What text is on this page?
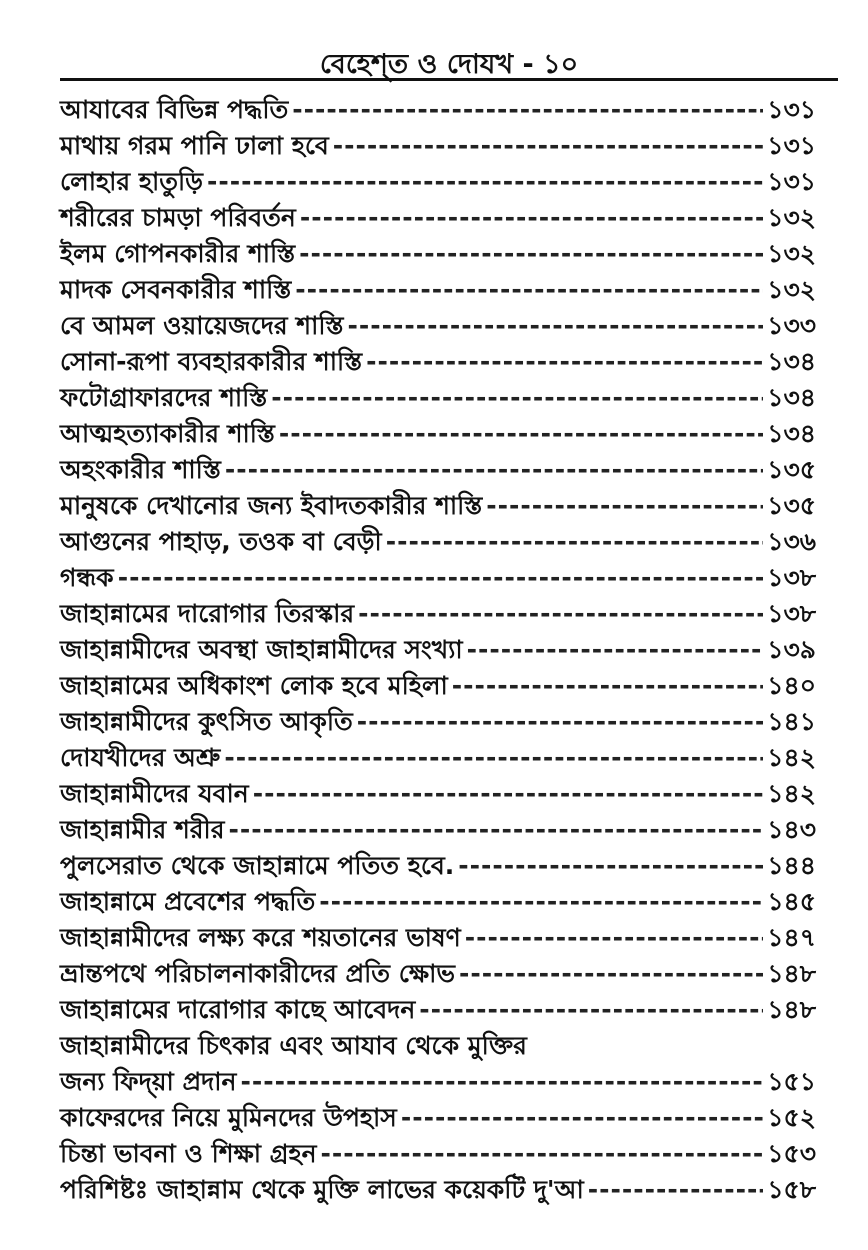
বেহেশ্‌ত ও দোযখ - ১০
আযাবের বিভিন্ন পদ্ধতি -----	১৩১
মাথায় গরম পানি ঢালা হবে -----	১৩১
লোহার হাতুড়ি -----	১৩১
শরীরের চামড়া পরিবর্তন -----	১৩২
ইলম গোপনকারীর শাস্তি -----	১৩২
মাদক সেবনকারীর শাস্তি -----	১৩২
বে আমল ওয়ায়েজদের শাস্তি -----	১৩৩
সোনা-রূপা ব্যবহারকারীর শাস্তি -----	১৩৪
ফটোগ্রাফারদের শাস্তি -----	১৩৪
আত্মহত্যাকারীর শাস্তি -----	১৩৪
অহংকারীর শাস্তি -----	১৩৫
মানুষকে দেখানোর জন্য ইবাদতকারীর শাস্তি -----	১৩৫
আগুনের পাহাড়, তওক বা বেড়ী -----	১৩৬
গন্ধক -----	১৩৮
জাহান্নামের দারোগার তিরস্কার -----	১৩৮
জাহান্নামীদের অবস্থা জাহান্নামীদের সংখ্যা -----	১৩৯
জাহান্নামের অধিকাংশ লোক হবে মহিলা -----	১৪০
জাহান্নামীদের কুৎসিত আকৃতি -----	১৪১
দোযখীদের অশ্রু -----	১৪২
জাহান্নামীদের যবান -----	১৪২
জাহান্নামীর শরীর -----	১৪৩
পুলসেরাত থেকে জাহান্নামে পতিত হবে. -----	১৪৪
জাহান্নামে প্রবেশের পদ্ধতি -----	১৪৫
জাহান্নামীদের লক্ষ্য করে শয়তানের ভাষণ -----	১৪৭
ভ্রান্তপথে পরিচালনাকারীদের প্রতি ক্ষোভ -----	১৪৮
জাহান্নামের দারোগার কাছে আবেদন -----	১৪৮
জাহান্নামীদের চিৎকার এবং আযাব থেকে মুক্তির
জন্য ফিদ্‌য়া প্রদান -----	১৫১
কাফেরদের নিয়ে মুমিনদের উপহাস -----	১৫২
চিন্তা ভাবনা ও শিক্ষা গ্রহন -----	১৫৩
পরিশিষ্টঃ জাহান্নাম থেকে মুক্তি লাভের কয়েকটি দু'আ -----	১৫৮
